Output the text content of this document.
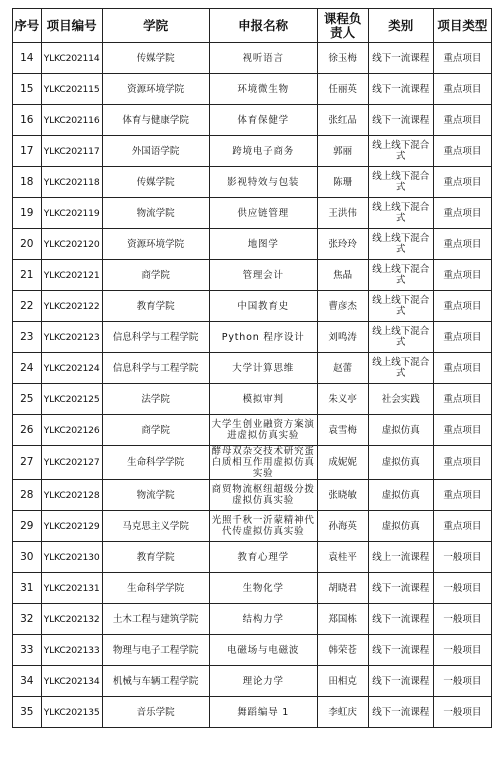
序号	项目编号	学院	申报名称	课程负责人	类别	项目类型
14	YLKC202114	传媒学院	视听语言	徐玉梅	线下一流课程	重点项目
15	YLKC202115	资源环境学院	环境微生物	任丽英	线下一流课程	重点项目
16	YLKC202116	体育与健康学院	体育保健学	张红品	线下一流课程	重点项目
17	YLKC202117	外国语学院	跨境电子商务	郭丽	线上线下混合式	重点项目
18	YLKC202118	传媒学院	影视特效与包装	陈珊	线上线下混合式	重点项目
19	YLKC202119	物流学院	供应链管理	王洪伟	线上线下混合式	重点项目
20	YLKC202120	资源环境学院	地图学	张玲玲	线上线下混合式	重点项目
21	YLKC202121	商学院	管理会计	焦晶	线上线下混合式	重点项目
22	YLKC202122	教育学院	中国教育史	曹彦杰	线上线下混合式	重点项目
23	YLKC202123	信息科学与工程学院	Python 程序设计	刘鸣涛	线上线下混合式	重点项目
24	YLKC202124	信息科学与工程学院	大学计算思维	赵蕾	线上线下混合式	重点项目
25	YLKC202125	法学院	模拟审判	朱义亭	社会实践	重点项目
26	YLKC202126	商学院	大学生创业融资方案演进虚拟仿真实验	袁雪梅	虚拟仿真	重点项目
27	YLKC202127	生命科学学院	酵母双杂交技术研究蛋白质相互作用虚拟仿真实验	成妮妮	虚拟仿真	重点项目
28	YLKC202128	物流学院	商贸物流枢纽超级分拨虚拟仿真实验	张晓敏	虚拟仿真	重点项目
29	YLKC202129	马克思主义学院	光照千秋一沂蒙精神代代传虚拟仿真实验	孙海英	虚拟仿真	重点项目
30	YLKC202130	教育学院	教育心理学	袁桂平	线上一流课程	一般项目
31	YLKC202131	生命科学学院	生物化学	胡晓君	线下一流课程	一般项目
32	YLKC202132	土木工程与建筑学院	结构力学	郑国栋	线下一流课程	一般项目
33	YLKC202133	物理与电子工程学院	电磁场与电磁波	韩荣苍	线下一流课程	一般项目
34	YLKC202134	机械与车辆工程学院	理论力学	田相克	线下一流课程	一般项目
35	YLKC202135	音乐学院	舞蹈编导 1	李虹庆	线下一流课程	一般项目
